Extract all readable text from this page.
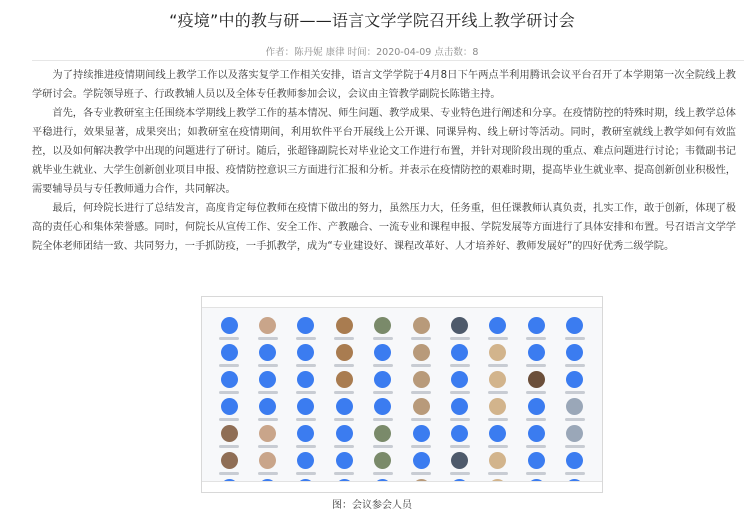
“疫境”中的教与研——语言文学学院召开线上教学研讨会
作者：陈丹妮 康律 时间：2020-04-09 点击数：8

为了持续推进疫情期间线上教学工作以及落实复学工作相关安排，语言文学学院于4月8日下午两点半利用腾讯会议平台召开了本学期第一次全院线上教学研讨会。学院领导班子、行政教辅人员以及全体专任教师参加会议，会议由主管教学副院长陈锴主持。

首先，各专业教研室主任围绕本学期线上教学工作的基本情况、师生问题、教学成果、专业特色进行阐述和分享。在疫情防控的特殊时期，线上教学总体平稳进行，效果显著，成果突出；如教研室在疫情期间，利用软件平台开展线上公开课、同课异构、线上研讨等活动。同时，教研室就线上教学如何有效监控，以及如何解决教学中出现的问题进行了研讨。随后，张超锋副院长对毕业论文工作进行布置，并针对现阶段出现的重点、难点问题进行讨论；韦微副书记就毕业生就业、大学生创新创业项目申报、疫情防控意识三方面进行汇报和分析。并表示在疫情防控的艰难时期，提高毕业生就业率、提高创新创业积极性，需要辅导员与专任教师通力合作，共同解决。

最后，何玲院长进行了总结发言，高度肯定每位教师在疫情下做出的努力，虽然压力大，任务重，但任课教师认真负责，扎实工作，敢于创新，体现了极高的责任心和集体荣誉感。同时，何院长从宣传工作、安全工作、产教融合、一流专业和课程申报、学院发展等方面进行了具体安排和布置。号召语言文学学院全体老师团结一致、共同努力，一手抓防疫，一手抓教学，成为“专业建设好、课程改革好、人才培养好、教师发展好”的四好优秀二级学院。

图：会议参会人员
